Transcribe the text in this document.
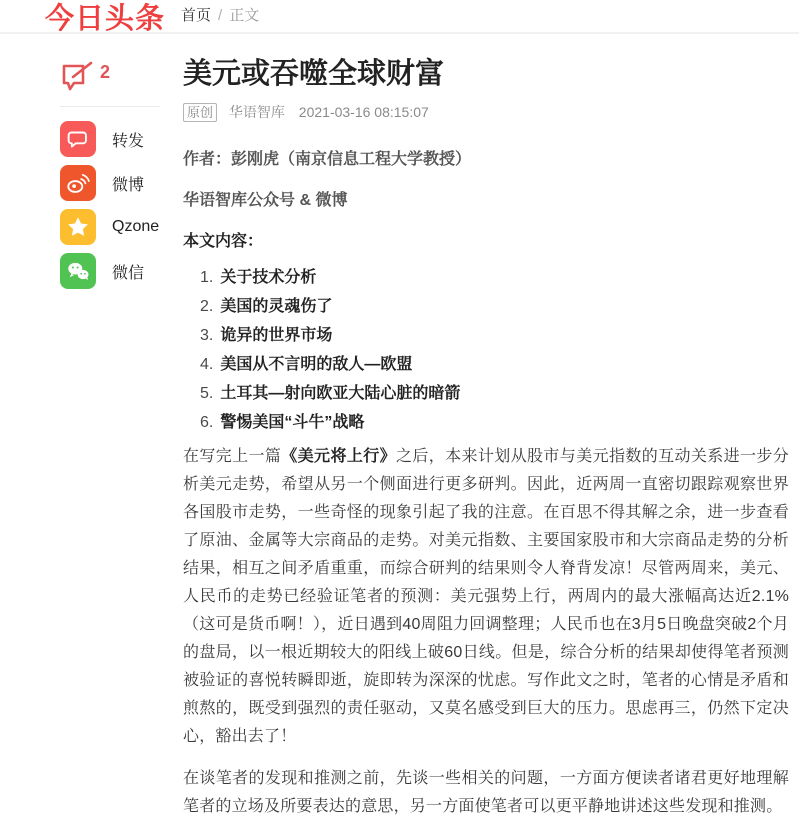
今日头条 首页 / 正文
2
转发
微博
Qzone
微信
美元或吞噬全球财富
原创 华语智库 2021-03-16 08:15:07

作者：彭刚虎（南京信息工程大学教授）

华语智库公众号 & 微博

本文内容：

1. 关于技术分析
2. 美国的灵魂伤了
3. 诡异的世界市场
4. 美国从不言明的敌人—欧盟
5. 土耳其—射向欧亚大陆心脏的暗箭
6. 警惕美国“斗牛”战略

在写完上一篇《美元将上行》之后，本来计划从股市与美元指数的互动关系进一步分析美元走势，希望从另一个侧面进行更多研判。因此，近两周一直密切跟踪观察世界各国股市走势，一些奇怪的现象引起了我的注意。在百思不得其解之余，进一步查看了原油、金属等大宗商品的走势。对美元指数、主要国家股市和大宗商品走势的分析结果，相互之间矛盾重重，而综合研判的结果则令人脊背发凉！尽管两周来，美元、人民币的走势已经验证笔者的预测：美元强势上行，两周内的最大涨幅高达近2.1%（这可是货币啊！），近日遇到40周阻力回调整理；人民币也在3月5日晚盘突破2个月的盘局，以一根近期较大的阳线上破60日线。但是，综合分析的结果却使得笔者预测被验证的喜悦转瞬即逝，旋即转为深深的忧虑。写作此文之时，笔者的心情是矛盾和煎熬的，既受到强烈的责任驱动，又莫名感受到巨大的压力。思虑再三，仍然下定决心，豁出去了！

在谈笔者的发现和推测之前，先谈一些相关的问题，一方面方便读者诸君更好地理解笔者的立场及所要表达的意思，另一方面使笔者可以更平静地讲述这些发现和推测。
